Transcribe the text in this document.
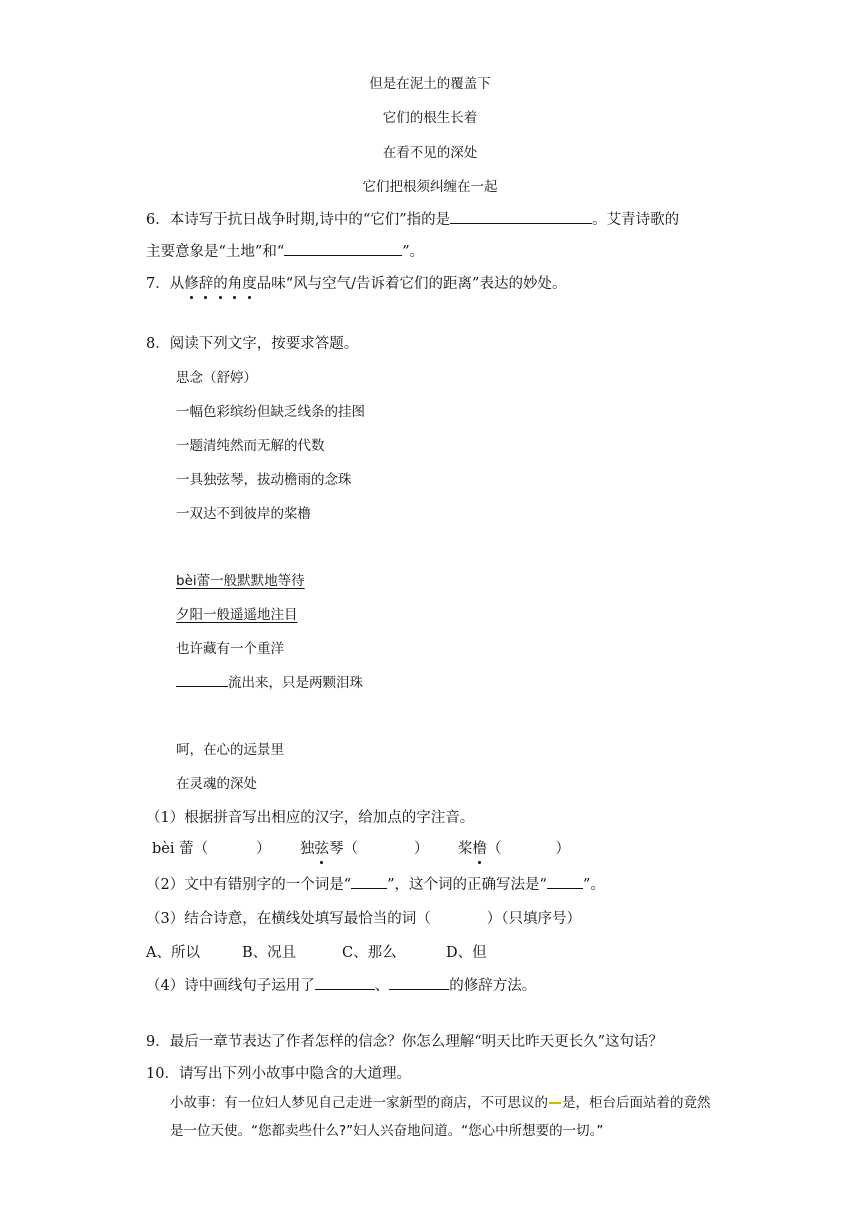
但是在泥土的覆盖下
它们的根生长着
在看不见的深处
它们把根须纠缠在一起
6．本诗写于抗日战争时期,诗中的“它们”指的是	。艾青诗歌的
主要意象是“土地”和“	”。
7．从修辞的角度品味“风与空气/告诉着它们的距离”表达的妙处。
8．阅读下列文字，按要求答题。
思念（舒婷）
一幅色彩缤纷但缺乏线条的挂图
一题清纯然而无解的代数
一具独弦琴，拔动檐雨的念珠
一双达不到彼岸的桨橹
bèi蕾一般默默地等待
夕阳一般遥遥地注目
也许藏有一个重洋
流出来，只是两颗泪珠
呵，在心的远景里
在灵魂的深处
（1）根据拼音写出相应的汉字，给加点的字注音。
bèi 蕾（	） 独弦琴（	） 桨橹（	）
（2）文中有错别字的一个词是“ ”，这个词的正确写法是“ ”。
（3）结合诗意，在横线处填写最恰当的词（	）（只填序号）
A、所以	B、况且	C、那么	D、但
（4）诗中画线句子运用了	、	的修辞方法。
9．最后一章节表达了作者怎样的信念？你怎么理解“明天比昨天更长久”这句话？
10．请写出下列小故事中隐含的大道理。
小故事：有一位妇人梦见自己走进一家新型的商店，不可思议的 是，柜台后面站着的竟然是一位天使。“您都卖些什么?”妇人兴奋地问道。“您心中所想要的一切。”
